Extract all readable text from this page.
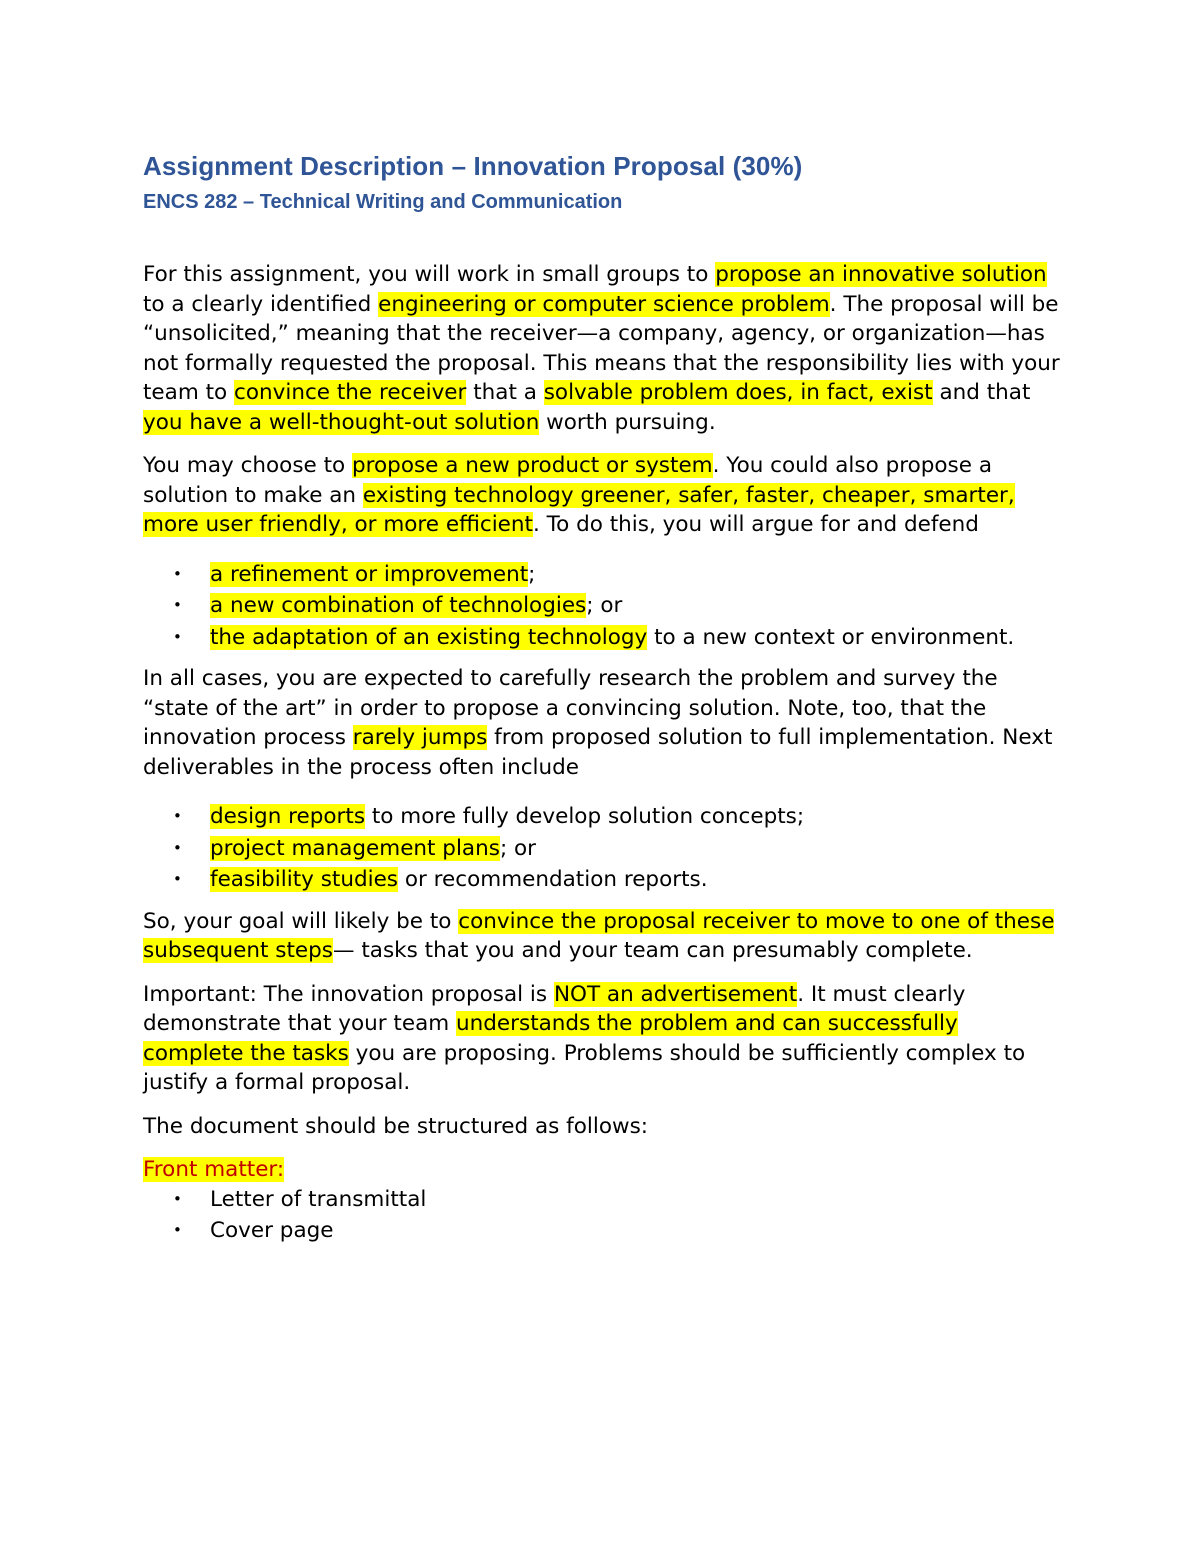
Assignment Description – Innovation Proposal (30%)
ENCS 282 – Technical Writing and Communication

For this assignment, you will work in small groups to propose an innovative solution to a clearly identified engineering or computer science problem. The proposal will be “unsolicited,” meaning that the receiver—a company, agency, or organization—has not formally requested the proposal. This means that the responsibility lies with your team to convince the receiver that a solvable problem does, in fact, exist and that you have a well-thought-out solution worth pursuing.

You may choose to propose a new product or system. You could also propose a solution to make an existing technology greener, safer, faster, cheaper, smarter, more user friendly, or more efficient. To do this, you will argue for and defend

• a refinement or improvement;
• a new combination of technologies; or
• the adaptation of an existing technology to a new context or environment.

In all cases, you are expected to carefully research the problem and survey the “state of the art” in order to propose a convincing solution. Note, too, that the innovation process rarely jumps from proposed solution to full implementation. Next deliverables in the process often include

• design reports to more fully develop solution concepts;
• project management plans; or
• feasibility studies or recommendation reports.

So, your goal will likely be to convince the proposal receiver to move to one of these subsequent steps— tasks that you and your team can presumably complete.

Important: The innovation proposal is NOT an advertisement. It must clearly demonstrate that your team understands the problem and can successfully complete the tasks you are proposing. Problems should be sufficiently complex to justify a formal proposal.

The document should be structured as follows:

Front matter:

• Letter of transmittal
• Cover page
